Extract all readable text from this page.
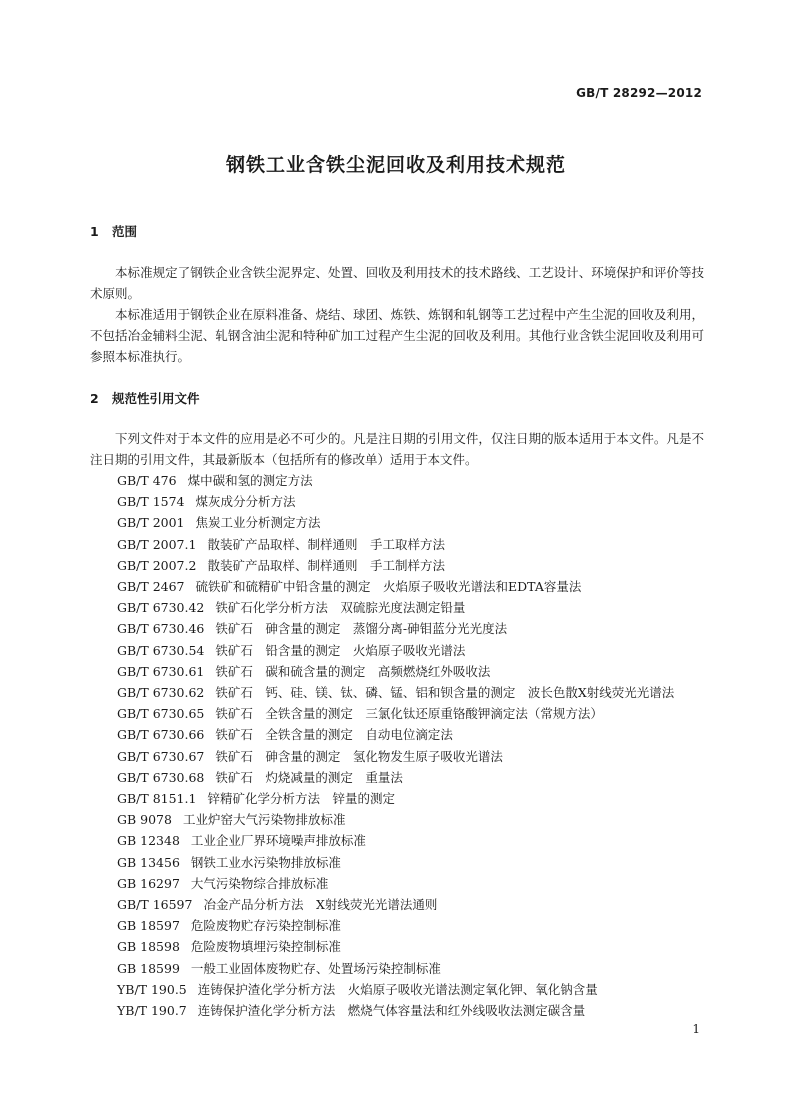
GB/T 28292—2012
钢铁工业含铁尘泥回收及利用技术规范
1 范围

本标准规定了钢铁企业含铁尘泥界定、处置、回收及利用技术的技术路线、工艺设计、环境保护和评价等技术原则。

本标准适用于钢铁企业在原料准备、烧结、球团、炼铁、炼钢和轧钢等工艺过程中产生尘泥的回收及利用，不包括冶金辅料尘泥、轧钢含油尘泥和特种矿加工过程产生尘泥的回收及利用。其他行业含铁尘泥回收及利用可参照本标准执行。

2 规范性引用文件

下列文件对于本文件的应用是必不可少的。凡是注日期的引用文件，仅注日期的版本适用于本文件。凡是不注日期的引用文件，其最新版本（包括所有的修改单）适用于本文件。

GB/T 476 煤中碳和氢的测定方法
GB/T 1574 煤灰成分分析方法
GB/T 2001 焦炭工业分析测定方法
GB/T 2007.1 散装矿产品取样、制样通则　手工取样方法
GB/T 2007.2 散装矿产品取样、制样通则　手工制样方法
GB/T 2467 硫铁矿和硫精矿中铅含量的测定　火焰原子吸收光谱法和EDTA容量法
GB/T 6730.42 铁矿石化学分析方法　双硫腙光度法测定铅量
GB/T 6730.46 铁矿石　砷含量的测定　蒸馏分离-砷钼蓝分光光度法
GB/T 6730.54 铁矿石　铅含量的测定　火焰原子吸收光谱法
GB/T 6730.61 铁矿石　碳和硫含量的测定　高频燃烧红外吸收法
GB/T 6730.62 铁矿石　钙、硅、镁、钛、磷、锰、铝和钡含量的测定　波长色散X射线荧光光谱法
GB/T 6730.65 铁矿石　全铁含量的测定　三氯化钛还原重铬酸钾滴定法（常规方法）
GB/T 6730.66 铁矿石　全铁含量的测定　自动电位滴定法
GB/T 6730.67 铁矿石　砷含量的测定　氢化物发生原子吸收光谱法
GB/T 6730.68 铁矿石　灼烧减量的测定　重量法
GB/T 8151.1 锌精矿化学分析方法　锌量的测定
GB 9078 工业炉窑大气污染物排放标准
GB 12348 工业企业厂界环境噪声排放标准
GB 13456 钢铁工业水污染物排放标准
GB 16297 大气污染物综合排放标准
GB/T 16597 冶金产品分析方法　X射线荧光光谱法通则
GB 18597 危险废物贮存污染控制标准
GB 18598 危险废物填埋污染控制标准
GB 18599 一般工业固体废物贮存、处置场污染控制标准
YB/T 190.5 连铸保护渣化学分析方法　火焰原子吸收光谱法测定氧化钾、氧化钠含量
YB/T 190.7 连铸保护渣化学分析方法　燃烧气体容量法和红外线吸收法测定碳含量
1
